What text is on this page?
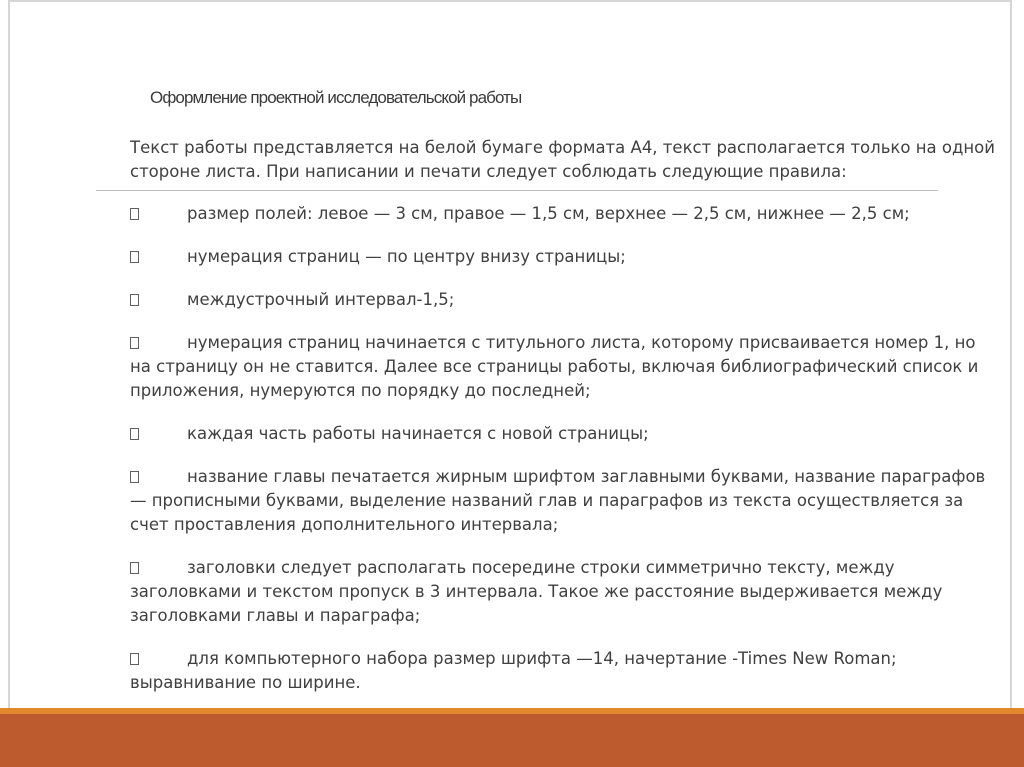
Оформление проектной исследовательской работы
Текст работы представляется на белой бумаге формата А4, текст располагается только на одной
стороне листа. При написании и печати следует соблюдать следующие правила:
размер полей: левое — 3 см, правое — 1,5 см, верхнее — 2,5 см, нижнее — 2,5 см;
нумерация страниц — по центру внизу страницы;
междустрочный интервал-1,5;
нумерация страниц начинается с титульного листа, которому присваивается номер 1, но
на страницу он не ставится. Далее все страницы работы, включая библиографический список и
приложения, нумеруются по порядку до последней;
каждая часть работы начинается с новой страницы;
название главы печатается жирным шрифтом заглавными буквами, название параграфов
— прописными буквами, выделение названий глав и параграфов из текста осуществляется за
счет проставления дополнительного интервала;
заголовки следует располагать посередине строки симметрично тексту, между
заголовками и текстом пропуск в 3 интервала. Такое же расстояние выдерживается между
заголовками главы и параграфа;
для компьютерного набора размер шрифта —14, начертание -Times New Roman;
выравнивание по ширине.
